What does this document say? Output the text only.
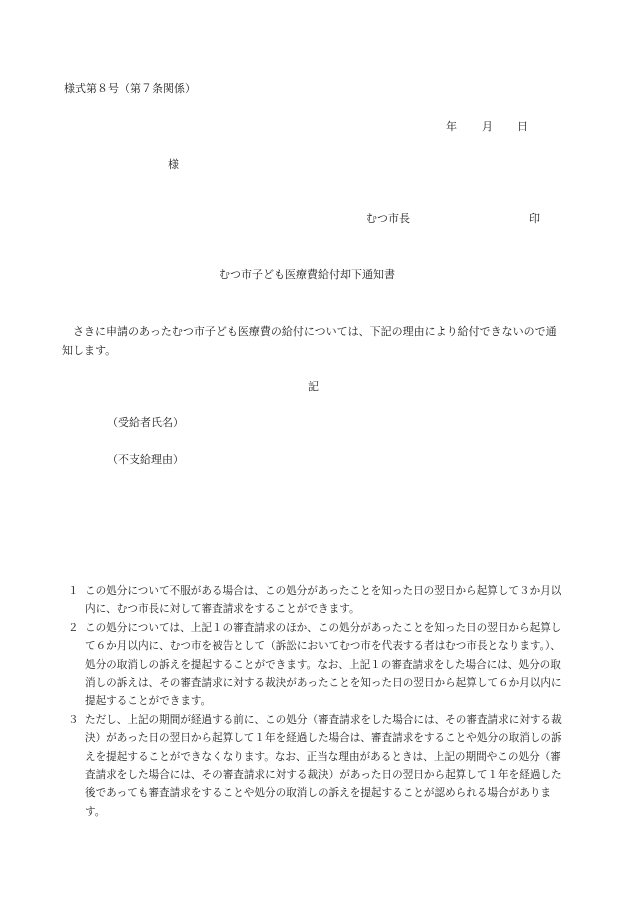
様式第８号（第７条関係）
年 月 日
様
むつ市長	印
むつ市子ども医療費給付却下通知書
さきに申請のあったむつ市子ども医療費の給付については、下記の理由により給付できないので通知します。
記
（受給者氏名）
（不支給理由）
１ この処分について不服がある場合は、この処分があったことを知った日の翌日から起算して３か月以内に、むつ市長に対して審査請求をすることができます。
２ この処分については、上記１の審査請求のほか、この処分があったことを知った日の翌日から起算して６か月以内に、むつ市を被告として（訴訟においてむつ市を代表する者はむつ市長となります。）、処分の取消しの訴えを提起することができます。なお、上記１の審査請求をした場合には、処分の取消しの訴えは、その審査請求に対する裁決があったことを知った日の翌日から起算して６か月以内に提起することができます。
３ ただし、上記の期間が経過する前に、この処分（審査請求をした場合には、その審査請求に対する裁決）があった日の翌日から起算して１年を経過した場合は、審査請求をすることや処分の取消しの訴えを提起することができなくなります。なお、正当な理由があるときは、上記の期間やこの処分（審査請求をした場合には、その審査請求に対する裁決）があった日の翌日から起算して１年を経過した後であっても審査請求をすることや処分の取消しの訴えを提起することが認められる場合があります。
